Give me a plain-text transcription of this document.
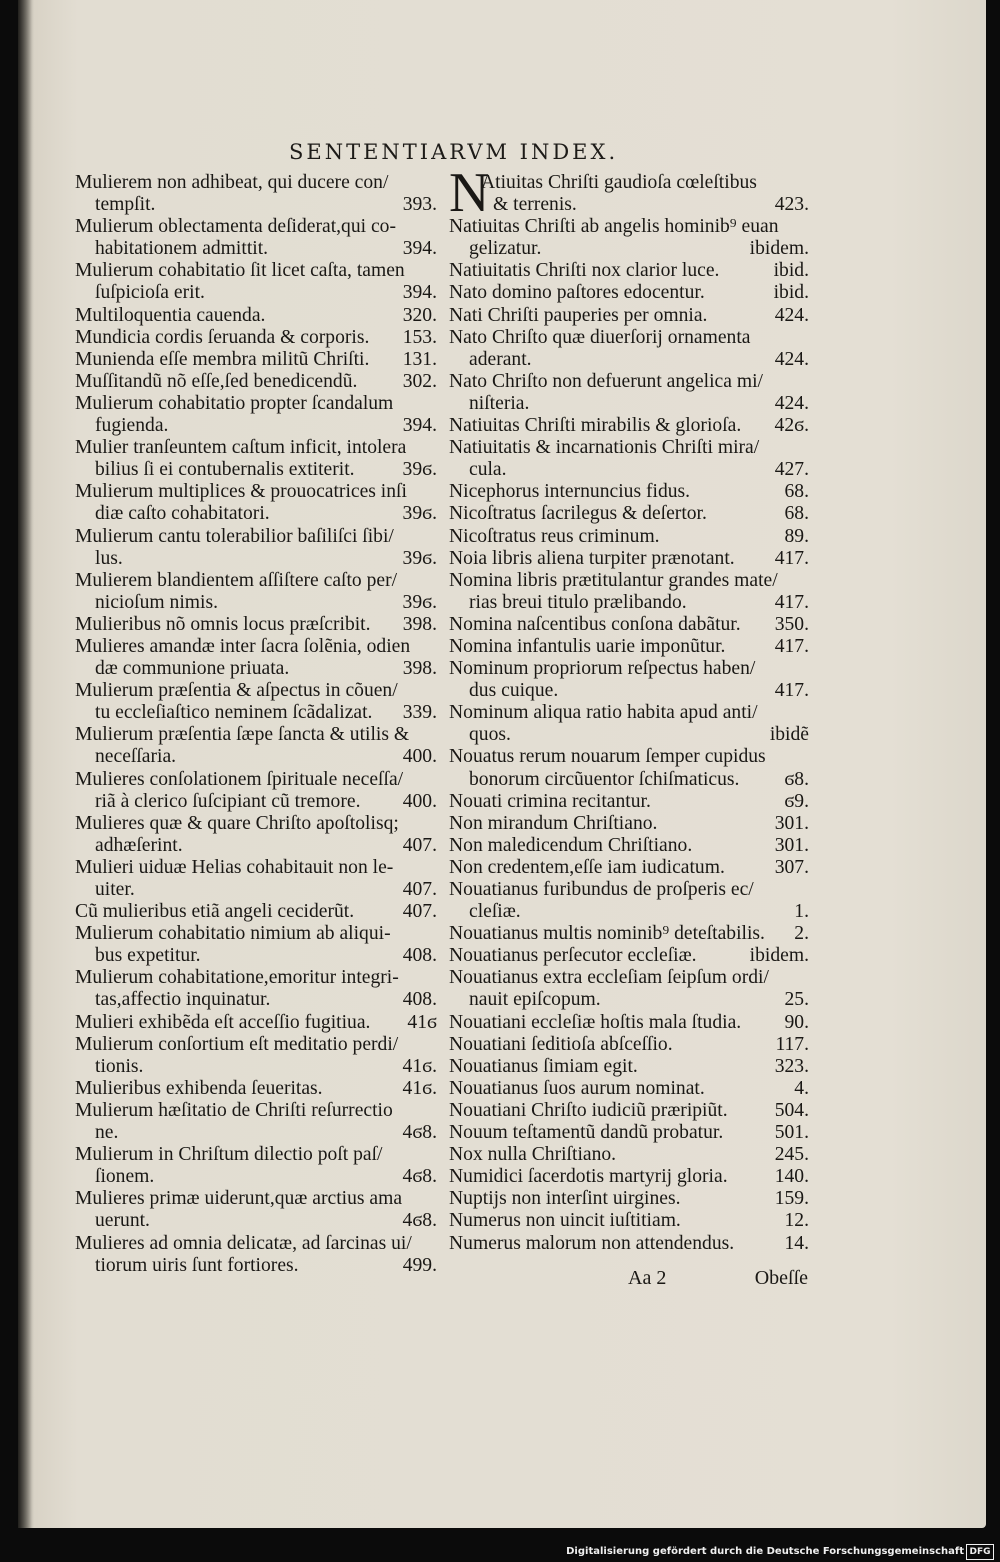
SENTENTIARVM INDEX.
N
Mulierem non adhibeat, qui ducere con/
tempſit.	393.
Mulierum oblectamenta deſiderat,qui co-
habitationem admittit.	394.
Mulierum cohabitatio ſit licet caſta, tamen
ſuſpicioſa erit.	394.
Multiloquentia cauenda.	320.
Mundicia cordis ſeruanda & corporis.	153.
Munienda eſſe membra militũ Chriſti.	131.
Muſſitandũ nõ eſſe,ſed benedicendũ.	302.
Mulierum cohabitatio propter ſcandalum
fugienda.	394.
Mulier tranſeuntem caſtum inficit, intolera
bilius ſi ei contubernalis extiterit.	39ϭ.
Mulierum multiplices & prouocatrices inſi
diæ caſto cohabitatori.	39ϭ.
Mulierum cantu tolerabilior baſiliſci ſibi/
lus.	39ϭ.
Mulierem blandientem aſſiſtere caſto per/
nicioſum nimis.	39ϭ.
Mulieribus nõ omnis locus præſcribit.	398.
Mulieres amandæ inter ſacra ſolẽnia, odien
dæ communione priuata.	398.
Mulierum præſentia & aſpectus in cõuen/
tu eccleſiaſtico neminem ſcãdalizat.	339.
Mulierum præſentia ſæpe ſancta & utilis &
neceſſaria.	400.
Mulieres conſolationem ſpirituale neceſſa/
riã à clerico ſuſcipiant cũ tremore.	400.
Mulieres quæ & quare Chriſto apoſtolisq;
adhæſerint.	407.
Mulieri uiduæ Helias cohabitauit non le-
uiter.	407.
Cũ mulieribus etiã angeli ceciderũt.	407.
Mulierum cohabitatio nimium ab aliqui-
bus expetitur.	408.
Mulierum cohabitatione,emoritur integri-
tas,affectio inquinatur.	408.
Mulieri exhibẽda eſt acceſſio fugitiua.	41ϭ
Mulierum conſortium eſt meditatio perdi/
tionis.	41ϭ.
Mulieribus exhibenda ſeueritas.	41ϭ.
Mulierum hæſitatio de Chriſti reſurrectio
ne.	4ϭ8.
Mulierum in Chriſtum dilectio poſt paſ/
ſionem.	4ϭ8.
Mulieres primæ uiderunt,quæ arctius ama
uerunt.	4ϭ8.
Mulieres ad omnia delicatæ, ad ſarcinas ui/
tiorum uiris ſunt fortiores.	499.
Atiuitas Chriſti gaudioſa cœleſtibus
& terrenis.	423.
Natiuitas Chriſti ab angelis hominib⁹ euan
gelizatur.	ibidem.
Natiuitatis Chriſti nox clarior luce.	ibid.
Nato domino paſtores edocentur.	ibid.
Nati Chriſti pauperies per omnia.	424.
Nato Chriſto quæ diuerſorij ornamenta
aderant.	424.
Nato Chriſto non defuerunt angelica mi/
niſteria.	424.
Natiuitas Chriſti mirabilis & glorioſa.	42ϭ.
Natiuitatis & incarnationis Chriſti mira/
cula.	427.
Nicephorus internuncius fidus.	68.
Nicoſtratus ſacrilegus & deſertor.	68.
Nicoſtratus reus criminum.	89.
Noia libris aliena turpiter prænotant.	417.
Nomina libris prætitulantur grandes mate/
rias breui titulo prælibando.	417.
Nomina naſcentibus conſona dabãtur.	350.
Nomina infantulis uarie imponũtur.	417.
Nominum propriorum reſpectus haben/
dus cuique.	417.
Nominum aliqua ratio habita apud anti/
quos.	ibidẽ
Nouatus rerum nouarum ſemper cupidus
bonorum circũuentor ſchiſmaticus.	ϭ8.
Nouati crimina recitantur.	ϭ9.
Non mirandum Chriſtiano.	301.
Non maledicendum Chriſtiano.	301.
Non credentem,eſſe iam iudicatum.	307.
Nouatianus furibundus de proſperis ec/
cleſiæ.	1.
Nouatianus multis nominib⁹ deteſtabilis.	2.
Nouatianus perſecutor eccleſiæ.	ibidem.
Nouatianus extra eccleſiam ſeipſum ordi/
nauit epiſcopum.	25.
Nouatiani eccleſiæ hoſtis mala ſtudia.	90.
Nouatiani ſeditioſa abſceſſio.	117.
Nouatianus ſimiam egit.	323.
Nouatianus ſuos aurum nominat.	4.
Nouatiani Chriſto iudiciũ præripiũt.	504.
Nouum teſtamentũ dandũ probatur.	501.
Nox nulla Chriſtiano.	245.
Numidici ſacerdotis martyrij gloria.	140.
Nuptijs non interſint uirgines.	159.
Numerus non uincit iuſtitiam.	12.
Numerus malorum non attendendus.	14.
Aa 2	Obeſſe
Digitalisierung gefördert durch die Deutsche Forschungsgemeinschaft DFG
